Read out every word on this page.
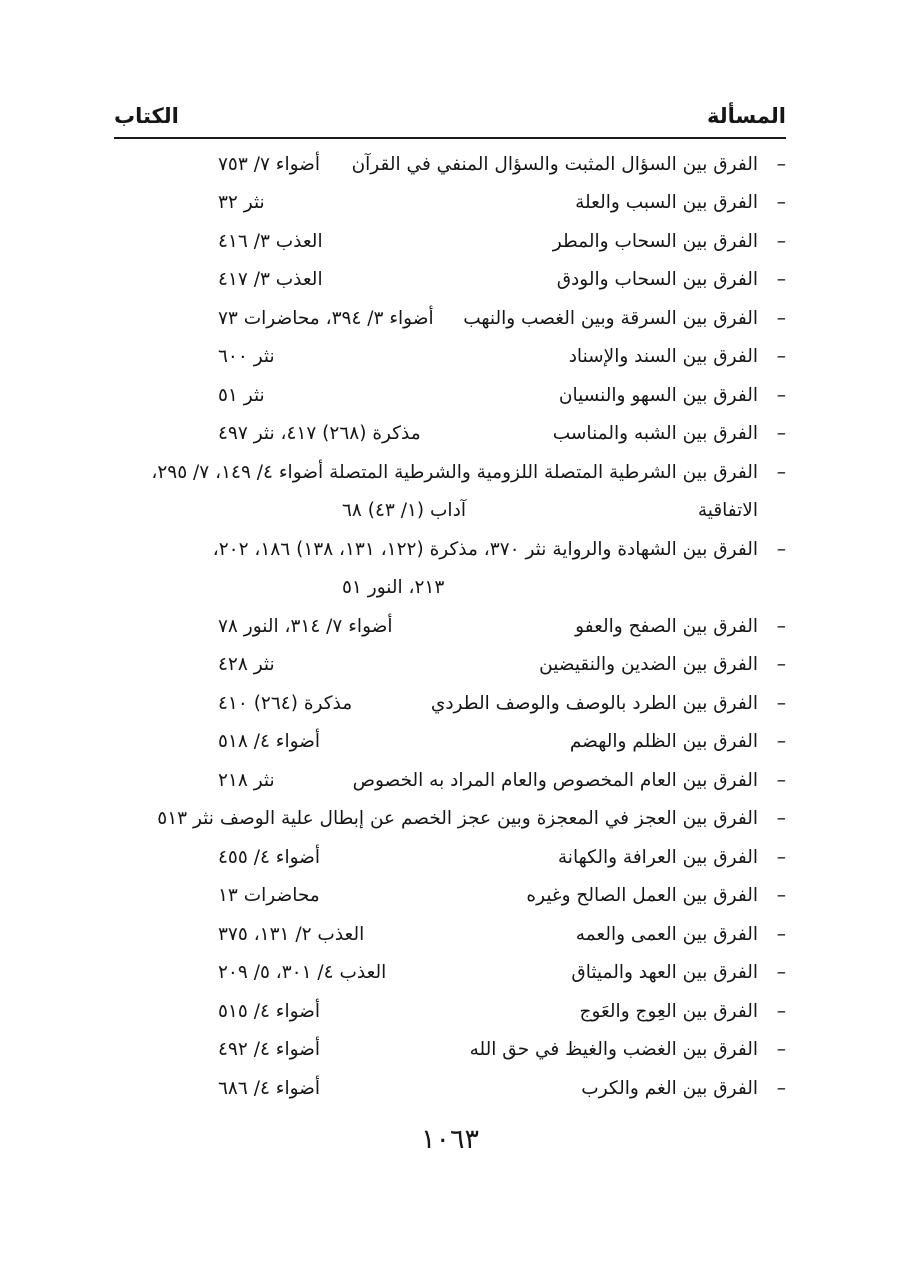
المسألة
الكتاب
–
الفرق بين السؤال المثبت والسؤال المنفي في القرآن
أضواء ٧/ ٧٥٣
–
الفرق بين السبب والعلة
نثر ٣٢
–
الفرق بين السحاب والمطر
العذب ٣/ ٤١٦
–
الفرق بين السحاب والودق
العذب ٣/ ٤١٧
–
الفرق بين السرقة وبين الغصب والنهب
أضواء ٣/ ٣٩٤، محاضرات ٧٣
–
الفرق بين السند والإسناد
نثر ٦٠٠
–
الفرق بين السهو والنسيان
نثر ٥١
–
الفرق بين الشبه والمناسب
مذكرة (٢٦٨) ٤١٧، نثر ٤٩٧
–
الفرق بين الشرطية المتصلة اللزومية والشرطية المتصلة
أضواء ٤/ ١٤٩، ٧/ ٢٩٥،
الاتفاقية
آداب (١/ ٤٣) ٦٨
–
الفرق بين الشهادة والرواية
نثر ٣٧٠، مذكرة (١٢٢، ١٣١، ١٣٨) ١٨٦، ٢٠٢،
٢١٣، النور ٥١
–
الفرق بين الصفح والعفو
أضواء ٧/ ٣١٤، النور ٧٨
–
الفرق بين الضدين والنقيضين
نثر ٤٢٨
–
الفرق بين الطرد بالوصف والوصف الطردي
مذكرة (٢٦٤) ٤١٠
–
الفرق بين الظلم والهضم
أضواء ٤/ ٥١٨
–
الفرق بين العام المخصوص والعام المراد به الخصوص
نثر ٢١٨
–
الفرق بين العجز في المعجزة وبين عجز الخصم عن إبطال علية الوصف
نثر ٥١٣
–
الفرق بين العرافة والكهانة
أضواء ٤/ ٤٥٥
–
الفرق بين العمل الصالح وغيره
محاضرات ١٣
–
الفرق بين العمى والعمه
العذب ٢/ ١٣١، ٣٧٥
–
الفرق بين العهد والميثاق
العذب ٤/ ٣٠١، ٥/ ٢٠٩
–
الفرق بين العِوج والعَوج
أضواء ٤/ ٥١٥
–
الفرق بين الغضب والغيظ في حق الله
أضواء ٤/ ٤٩٢
–
الفرق بين الغم والكرب
أضواء ٤/ ٦٨٦
١٠٦٣
